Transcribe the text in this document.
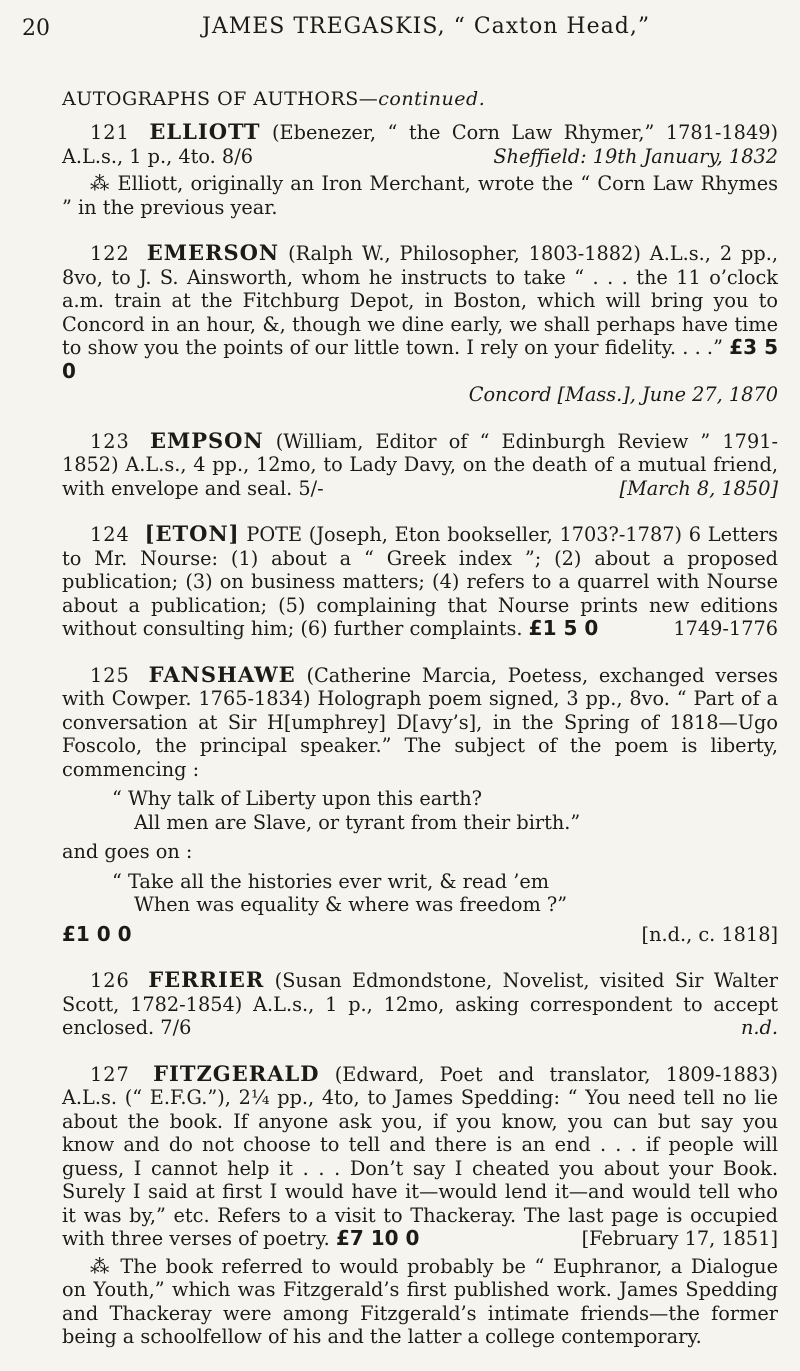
20	JAMES TREGASKIS, “ Caxton Head,”
AUTOGRAPHS OF AUTHORS—continued.
121 ELLIOTT (Ebenezer, “ the Corn Law Rhymer,” 1781-1849) A.L.s., 1 p., 4to. 8/6	Sheffield: 19th January, 1832
⁂ Elliott, originally an Iron Merchant, wrote the “ Corn Law Rhymes ” in the previous year.
122 EMERSON (Ralph W., Philosopher, 1803-1882) A.L.s., 2 pp., 8vo, to J. S. Ainsworth, whom he instructs to take “ . . . the 11 o’clock a.m. train at the Fitchburg Depot, in Boston, which will bring you to Concord in an hour, &, though we dine early, we shall perhaps have time to show you the points of our little town. I rely on your fidelity. . . .” £3 5 0
Concord [Mass.], June 27, 1870
123 EMPSON (William, Editor of “ Edinburgh Review ” 1791-1852) A.L.s., 4 pp., 12mo, to Lady Davy, on the death of a mutual friend, with envelope and seal. 5/-	[March 8, 1850]
124 [ETON] POTE (Joseph, Eton bookseller, 1703?-1787) 6 Letters to Mr. Nourse: (1) about a “ Greek index ”; (2) about a proposed publication; (3) on business matters; (4) refers to a quarrel with Nourse about a publication; (5) complaining that Nourse prints new editions without consulting him; (6) further complaints. £1 5 0	1749-1776
125 FANSHAWE (Catherine Marcia, Poetess, exchanged verses with Cowper. 1765-1834) Holograph poem signed, 3 pp., 8vo. “ Part of a conversation at Sir H[umphrey] D[avy’s], in the Spring of 1818—Ugo Foscolo, the principal speaker.” The subject of the poem is liberty, commencing :
“ Why talk of Liberty upon this earth?
All men are Slave, or tyrant from their birth.”
and goes on :
“ Take all the histories ever writ, & read ’em
When was equality & where was freedom ?”
£1 0 0	[n.d., c. 1818]
126 FERRIER (Susan Edmondstone, Novelist, visited Sir Walter Scott, 1782-1854) A.L.s., 1 p., 12mo, asking correspondent to accept enclosed. 7/6	n.d.
127 FITZGERALD (Edward, Poet and translator, 1809-1883) A.L.s. (“ E.F.G.”), 2¼ pp., 4to, to James Spedding: “ You need tell no lie about the book. If anyone ask you, if you know, you can but say you know and do not choose to tell and there is an end . . . if people will guess, I cannot help it . . . Don’t say I cheated you about your Book. Surely I said at first I would have it—would lend it—and would tell who it was by,” etc. Refers to a visit to Thackeray. The last page is occupied with three verses of poetry. £7 10 0	[February 17, 1851]
⁂ The book referred to would probably be “ Euphranor, a Dialogue on Youth,” which was Fitzgerald’s first published work. James Spedding and Thackeray were among Fitzgerald’s intimate friends—the former being a schoolfellow of his and the latter a college contemporary.
